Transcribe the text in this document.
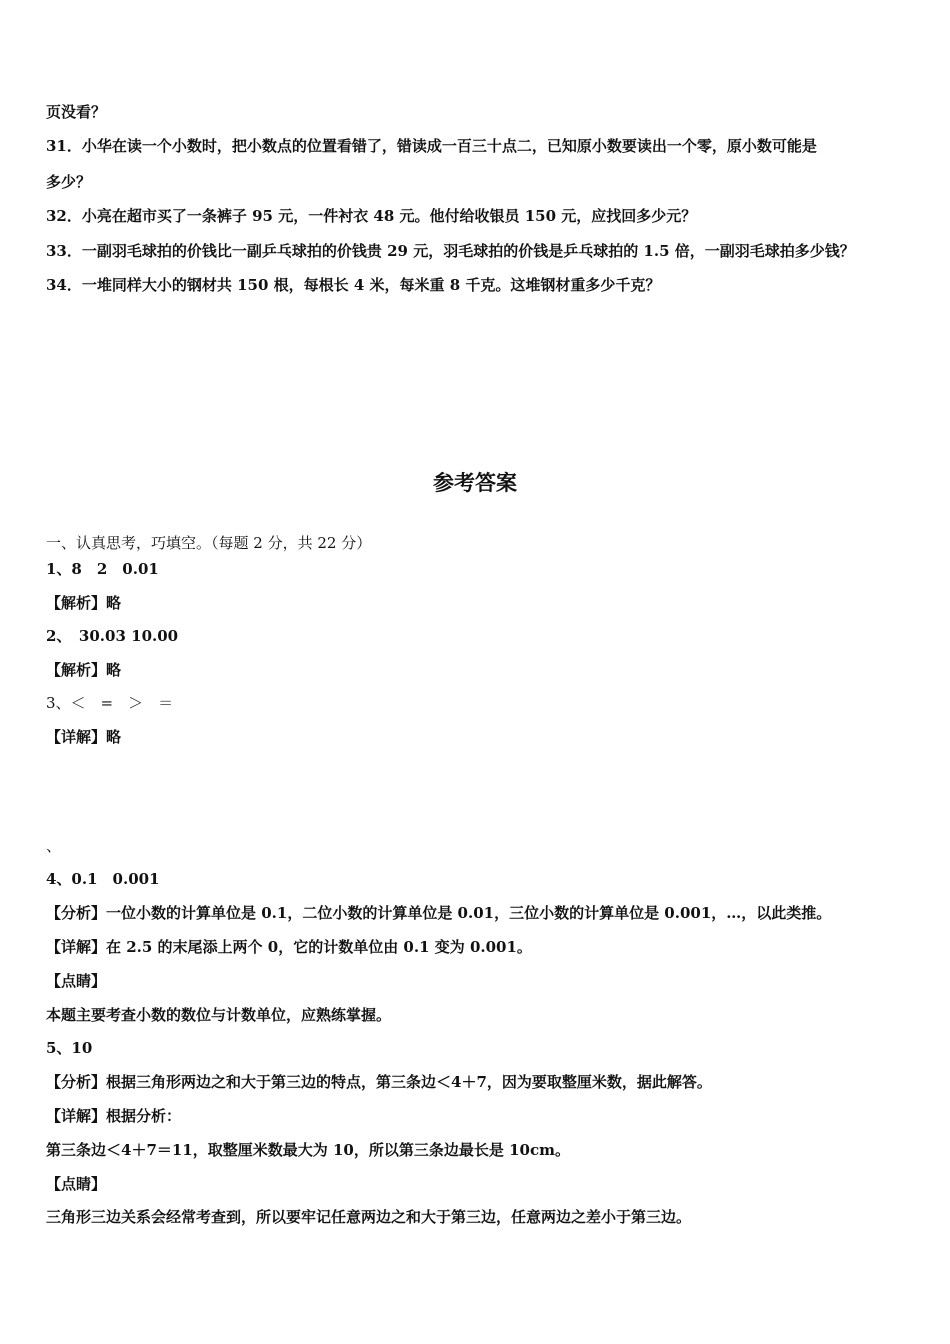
页没看？
31．小华在读一个小数时，把小数点的位置看错了，错读成一百三十点二，已知原小数要读出一个零，原小数可能是
多少？
32．小亮在超市买了一条裤子 95 元，一件衬衣 48 元。他付给收银员 150 元，应找回多少元？
33．一副羽毛球拍的价钱比一副乒乓球拍的价钱贵 29 元，羽毛球拍的价钱是乒乓球拍的 1.5 倍，一副羽毛球拍多少钱？
34．一堆同样大小的钢材共 150 根，每根长 4 米，每米重 8 千克。这堆钢材重多少千克？
参考答案
一、认真思考，巧填空。（每题 2 分，共 22 分）
1、8　2　0.01
【解析】略
2、　30.03 10.00
【解析】略
3、＜　=　＞　＝
【详解】略
、
4、0.1　0.001
【分析】一位小数的计算单位是 0.1，二位小数的计算单位是 0.01，三位小数的计算单位是 0.001，…，以此类推。
【详解】在 2.5 的末尾添上两个 0，它的计数单位由 0.1 变为 0.001。
【点睛】
本题主要考查小数的数位与计数单位，应熟练掌握。
5、10
【分析】根据三角形两边之和大于第三边的特点，第三条边＜4＋7，因为要取整厘米数，据此解答。
【详解】根据分析：
第三条边＜4＋7＝11，取整厘米数最大为 10，所以第三条边最长是 10cm。
【点睛】
三角形三边关系会经常考查到，所以要牢记任意两边之和大于第三边，任意两边之差小于第三边。
